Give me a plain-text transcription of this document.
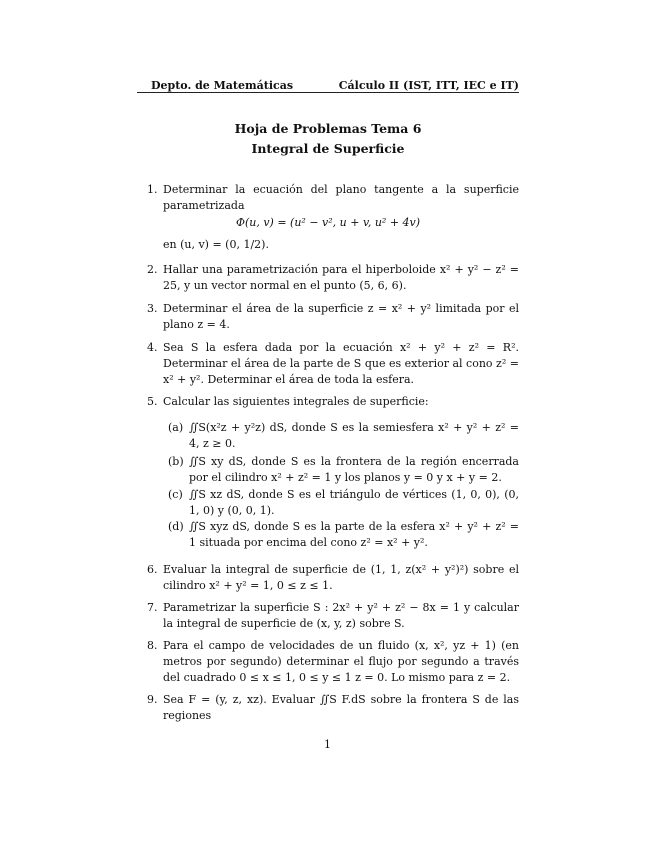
Depto. de Matemáticas	Cálculo II (IST, ITT, IEC e IT)
Hoja de Problemas Tema 6
Integral de Superficie
1. Determinar la ecuación del plano tangente a la superficie parametrizada
Φ(u, v) = (u² − v², u + v, u² + 4v)
en (u, v) = (0, 1/2).
2. Hallar una parametrización para el hiperboloide x² + y² − z² = 25, y un vector normal en el punto (5, 6, 6).
3. Determinar el área de la superficie z = x² + y² limitada por el plano z = 4.
4. Sea S la esfera dada por la ecuación x² + y² + z² = R². Determinar el área de la parte de S que es exterior al cono z² = x² + y². Determinar el área de toda la esfera.
5. Calcular las siguientes integrales de superficie:
(a) ∬S(x²z + y²z) dS, donde S es la semiesfera x² + y² + z² = 4, z ≥ 0.
(b) ∬S xy dS, donde S es la frontera de la región encerrada por el cilindro x² + z² = 1 y los planos y = 0 y x + y = 2.
(c) ∬S xz dS, donde S es el triángulo de vértices (1, 0, 0), (0, 1, 0) y (0, 0, 1).
(d) ∬S xyz dS, donde S es la parte de la esfera x² + y² + z² = 1 situada por encima del cono z² = x² + y².
6. Evaluar la integral de superficie de (1, 1, z(x² + y²)²) sobre el cilindro x² + y² = 1, 0 ≤ z ≤ 1.
7. Parametrizar la superficie S : 2x² + y² + z² − 8x = 1 y calcular la integral de superficie de (x, y, z) sobre S.
8. Para el campo de velocidades de un fluido (x, x², yz + 1) (en metros por segundo) determinar el flujo por segundo a través del cuadrado 0 ≤ x ≤ 1, 0 ≤ y ≤ 1 z = 0. Lo mismo para z = 2.
9. Sea F = (y, z, xz). Evaluar ∬S F.dS sobre la frontera S de las regiones
1
